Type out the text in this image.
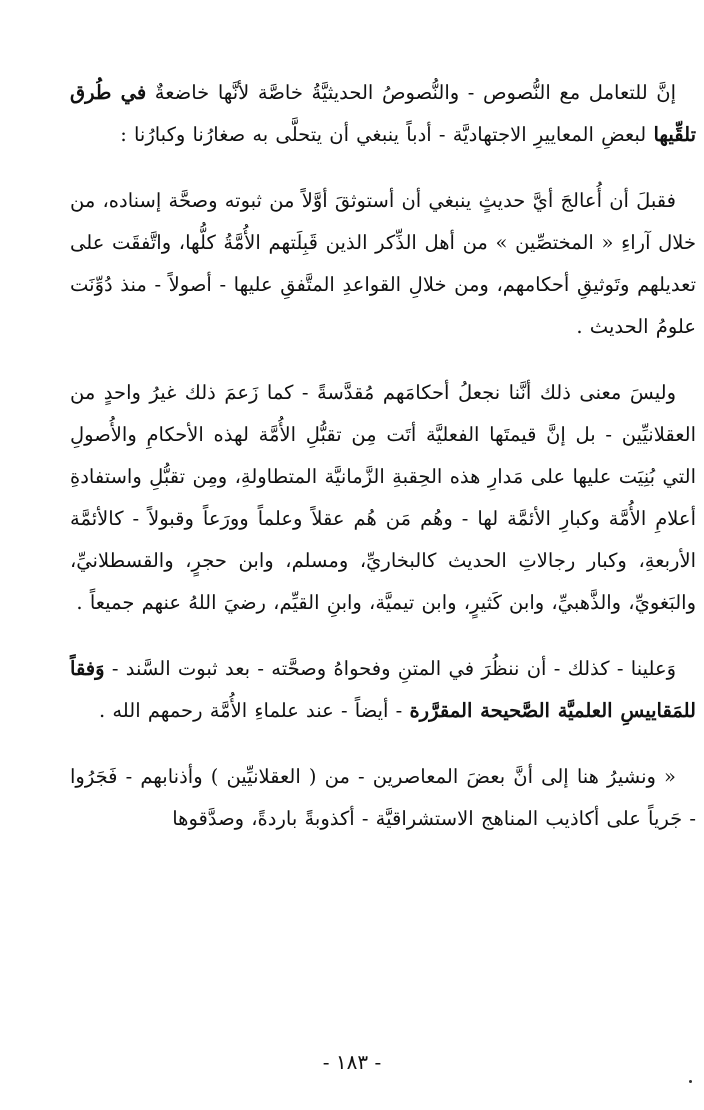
إنَّ للتعامل مع النُّصوص - والنُّصوصُ الحديثيَّةُ خاصَّة لأنَّها خاضعةٌ في طُرق تلقِّيها لبعضِ المعاييرِ الاجتهاديَّة - أدباً ينبغي أن يتحلَّى به صغارُنا وكبارُنا :

فقبلَ أن أُعالجَ أيَّ حديثٍ ينبغي أن أستوثقَ أوَّلاً من ثبوته وصحَّة إسناده، من خلال آراءِ « المختصِّين » من أهل الذِّكر الذين قَبِلَتهم الأُمَّةُ كلُّها، واتَّفقَت على تعديلهم وتَوثيقِ أحكامهم، ومن خلالِ القواعدِ المتَّفقِ عليها - أصولاً - منذ دُوِّنَت علومُ الحديث .

وليسَ معنى ذلك أنَّنا نجعلُ أحكامَهم مُقدَّسةً - كما زَعمَ ذلك غيرُ واحدٍ من العقلانيِّين - بل إنَّ قيمتَها الفعليَّة أتَت مِن تقبُّلِ الأُمَّة لهذه الأحكامِ والأُصولِ التي بُنِيَت عليها على مَدارِ هذه الحِقبةِ الزَّمانيَّة المتطاولةِ، ومِن تقبُّلِ واستفادةِ أعلامِ الأُمَّة وكبارِ الأئمَّة لها - وهُم مَن هُم عقلاً وعلماً وورَعاً وقبولاً - كالأئمَّة الأربعةِ، وكبار رجالاتِ الحديث كالبخاريِّ، ومسلم، وابن حجرٍ، والقسطلانيِّ، والبَغويِّ، والذَّهبيِّ، وابن كَثيرٍ، وابن تيميَّة، وابنِ القيِّم، رضيَ اللهُ عنهم جميعاً .

وَعلينا - كذلك - أن ننظُرَ في المتنِ وفحواهُ وصحَّته - بعد ثبوت السَّند - وَفقاً للمَقاييسِ العلميَّة الصَّحيحة المقرَّرة - أيضاً - عند علماءِ الأُمَّة رحمهم الله .

« ونشيرُ هنا إلى أنَّ بعضَ المعاصرين - من ( العقلانيِّين ) وأذنابهم - فَجَرُوا - جَرياً على أكاذيب المناهج الاستشراقيَّة - أكذوبةً باردةً، وصدَّقوها

- ١٨٣ -
